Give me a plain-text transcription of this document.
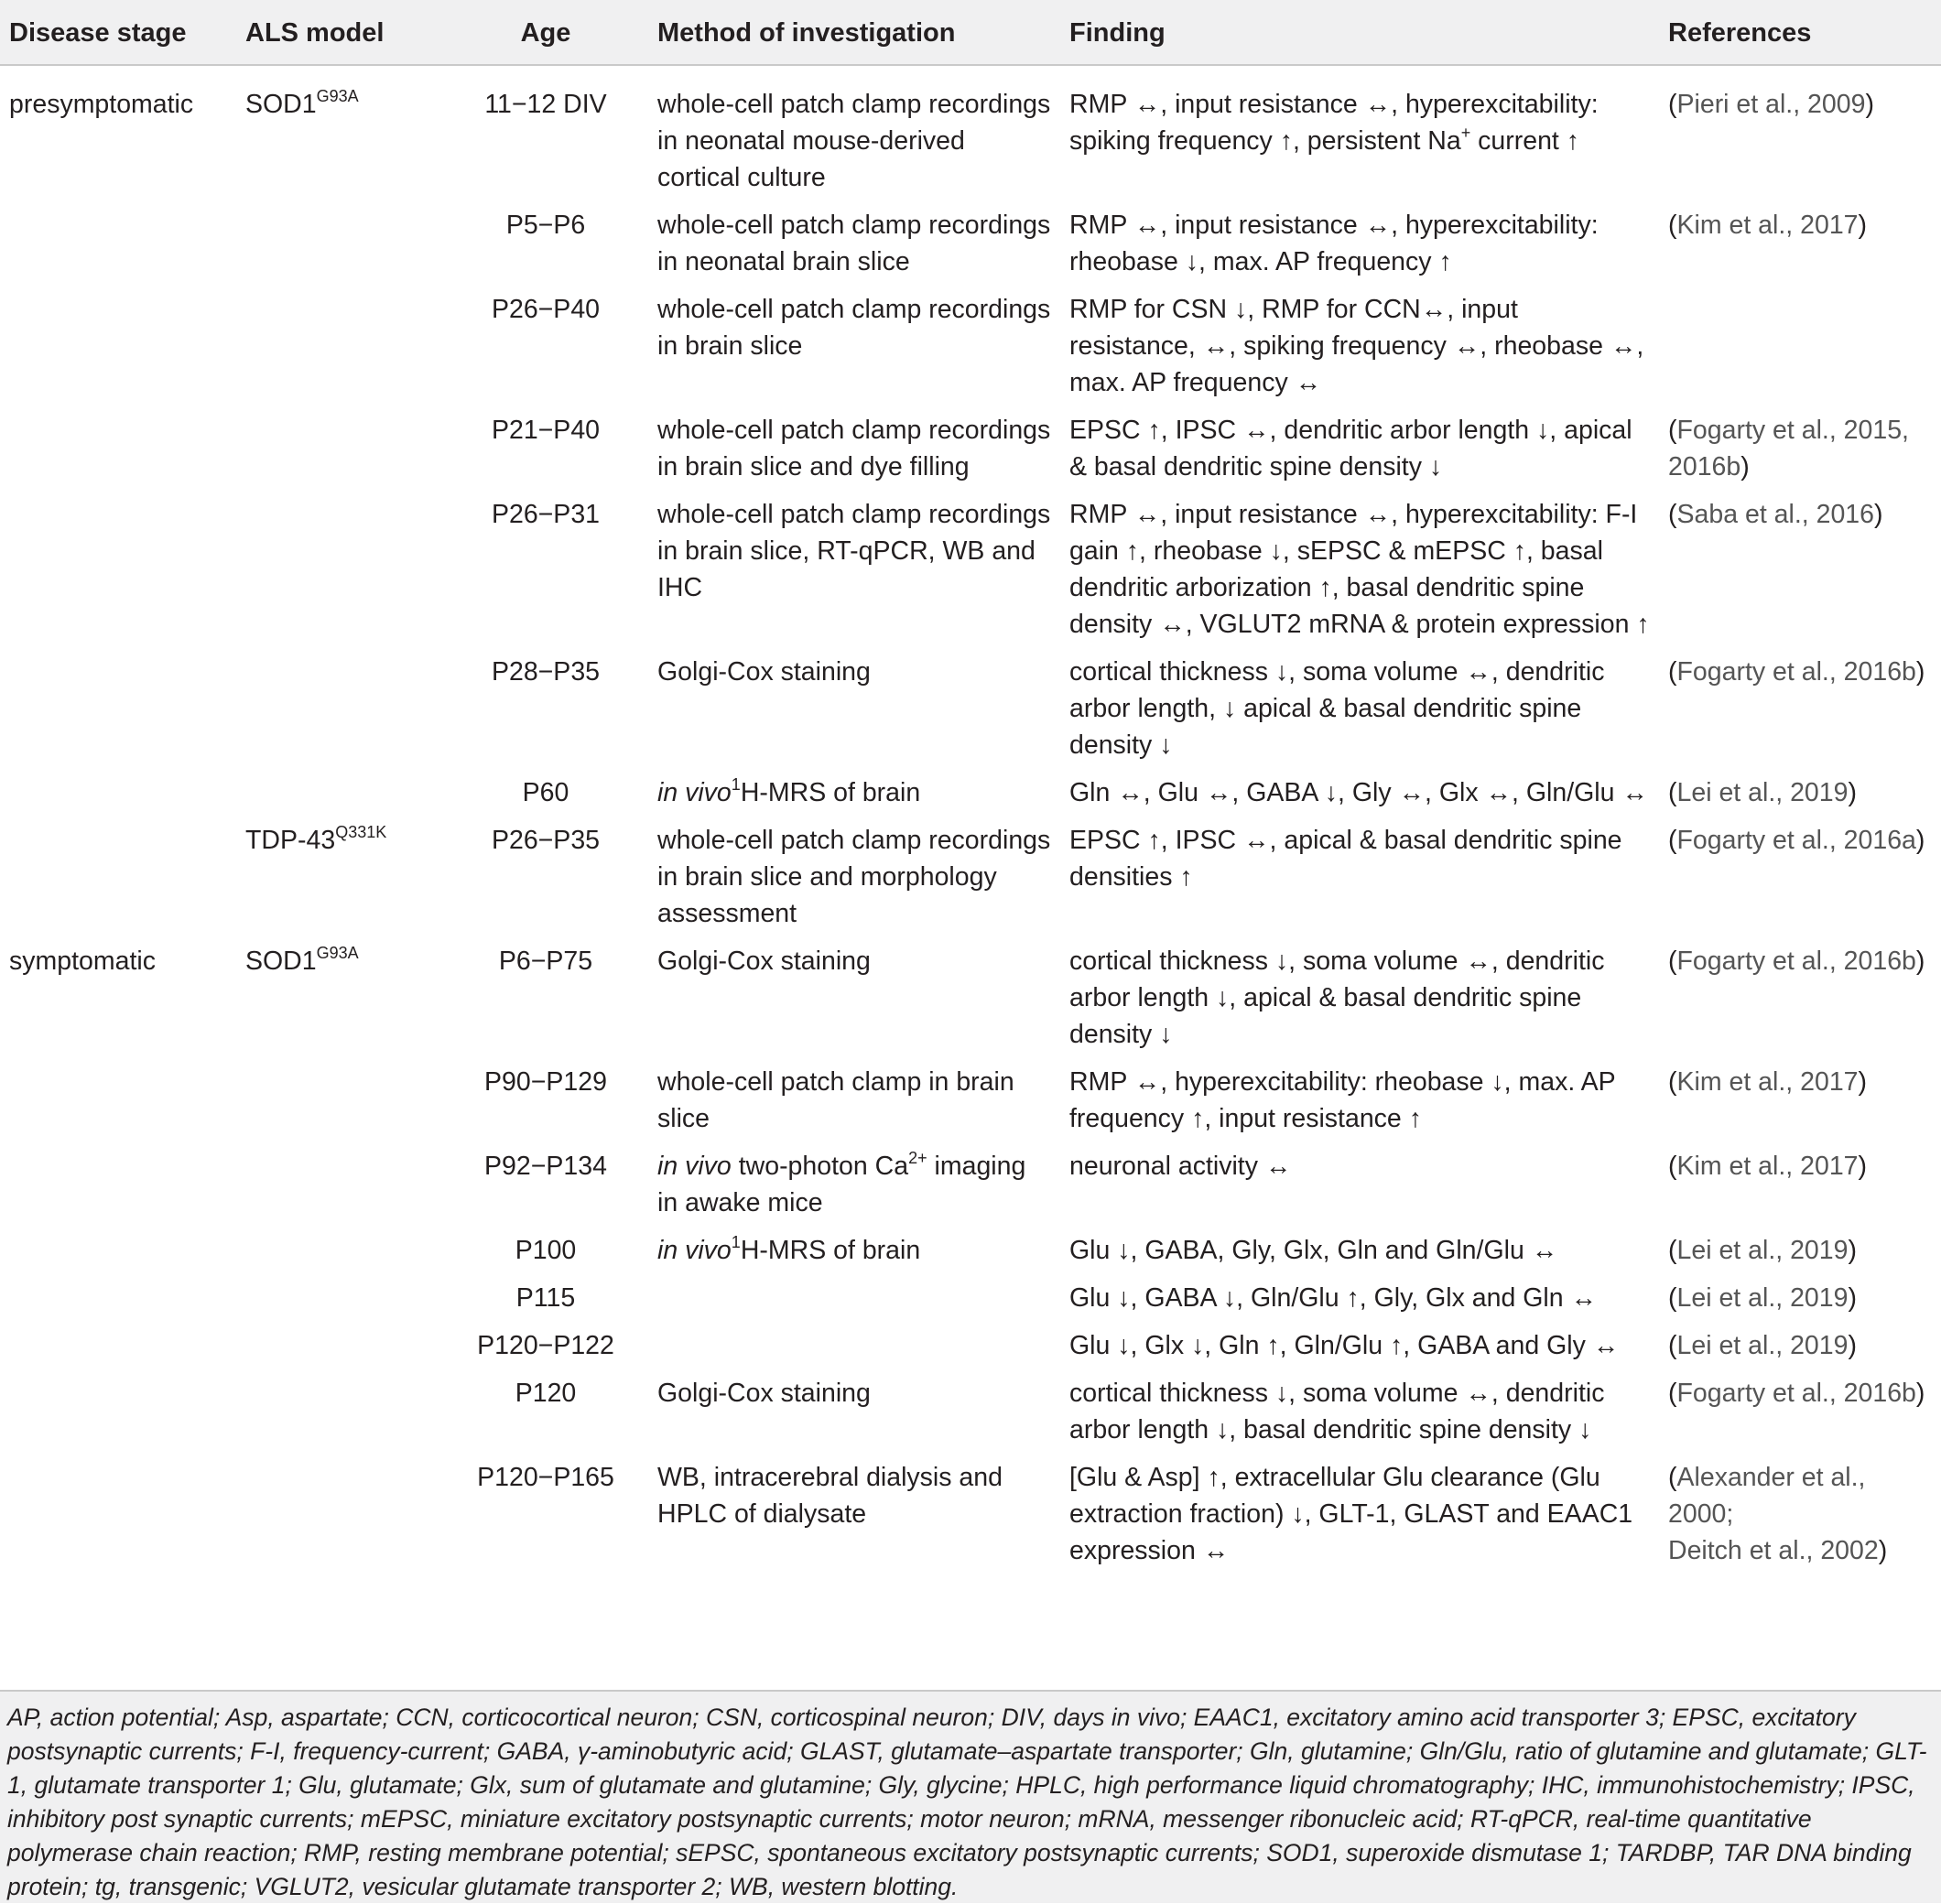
Disease stage	ALS model	Age	Method of investigation	Finding	References
presymptomatic	$SOD1^{G93A}$	11−12 DIV	whole-cell patch clamp recordings in neonatal mouse-derived cortical culture	RMP ↔, input resistance ↔, hyperexcitability: spiking frequency ↑, persistent Na+ current ↑	(Pieri et al., 2009)
		P5−P6	whole-cell patch clamp recordings in neonatal brain slice	RMP ↔, input resistance ↔, hyperexcitability: rheobase ↓, max. AP frequency ↑	(Kim et al., 2017)
		P26−P40	whole-cell patch clamp recordings in brain slice	RMP for CSN ↓, RMP for CCN↔, input resistance, ↔, spiking frequency ↔, rheobase ↔, max. AP frequency ↔	
		P21−P40	whole-cell patch clamp recordings in brain slice and dye filling	EPSC ↑, IPSC ↔, dendritic arbor length ↓, apical & basal dendritic spine density ↓	(Fogarty et al., 2015, 2016b)
		P26−P31	whole-cell patch clamp recordings in brain slice, RT-qPCR, WB and IHC	RMP ↔, input resistance ↔, hyperexcitability: F-I gain ↑, rheobase ↓, sEPSC & mEPSC ↑, basal dendritic arborization ↑, basal dendritic spine density ↔, VGLUT2 mRNA & protein expression ↑	(Saba et al., 2016)
		P28−P35	Golgi-Cox staining	cortical thickness ↓, soma volume ↔, dendritic arbor length, ↓ apical & basal dendritic spine density ↓	(Fogarty et al., 2016b)
		P60	in vivo$^1$H-MRS of brain	Gln ↔, Glu ↔, GABA ↓, Gly ↔, Glx ↔, Gln/Glu ↔	(Lei et al., 2019)
	TDP-$43^{Q331K}$	P26−P35	whole-cell patch clamp recordings in brain slice and morphology assessment	EPSC ↑, IPSC ↔, apical & basal dendritic spine densities ↑	(Fogarty et al., 2016a)
symptomatic	$SOD1^{G93A}$	P6−P75	Golgi-Cox staining	cortical thickness ↓, soma volume ↔, dendritic arbor length ↓, apical & basal dendritic spine density ↓	(Fogarty et al., 2016b)
		P90−P129	whole-cell patch clamp in brain slice	RMP ↔, hyperexcitability: rheobase ↓, max. AP frequency ↑, input resistance ↑	(Kim et al., 2017)
		P92−P134	in vivo two-photon $Ca^{2+}$ imaging in awake mice	neuronal activity ↔	(Kim et al., 2017)
		P100	in vivo$^1$H-MRS of brain	Glu ↓, GABA, Gly, Glx, Gln and Gln/Glu ↔	(Lei et al., 2019)
		P115		Glu ↓, GABA ↓, Gln/Glu ↑, Gly, Glx and Gln ↔	(Lei et al., 2019)
		P120−P122		Glu ↓, Glx ↓, Gln ↑, Gln/Glu ↑, GABA and Gly ↔	(Lei et al., 2019)
		P120	Golgi-Cox staining	cortical thickness ↓, soma volume ↔, dendritic arbor length ↓, basal dendritic spine density ↓	(Fogarty et al., 2016b)
		P120−P165	WB, intracerebral dialysis and HPLC of dialysate	[Glu & Asp] ↑, extracellular Glu clearance (Glu extraction fraction) ↓, GLT-1, GLAST and EAAC1 expression ↔	(Alexander et al., 2000;
Deitch et al., 2002)
AP, action potential; Asp, aspartate; CCN, corticocortical neuron; CSN, corticospinal neuron; DIV, days in vivo; EAAC1, excitatory amino acid transporter 3; EPSC, excitatory postsynaptic currents; F-I, frequency-current; GABA, γ-aminobutyric acid; GLAST, glutamate–aspartate transporter; Gln, glutamine; Gln/Glu, ratio of glutamine and glutamate; GLT-1, glutamate transporter 1; Glu, glutamate; Glx, sum of glutamate and glutamine; Gly, glycine; HPLC, high performance liquid chromatography; IHC, immunohistochemistry; IPSC, inhibitory post synaptic currents; mEPSC, miniature excitatory postsynaptic currents; motor neuron; mRNA, messenger ribonucleic acid; RT-qPCR, real-time quantitative polymerase chain reaction; RMP, resting membrane potential; sEPSC, spontaneous excitatory postsynaptic currents; SOD1, superoxide dismutase 1; TARDBP, TAR DNA binding protein; tg, transgenic; VGLUT2, vesicular glutamate transporter 2; WB, western blotting.
